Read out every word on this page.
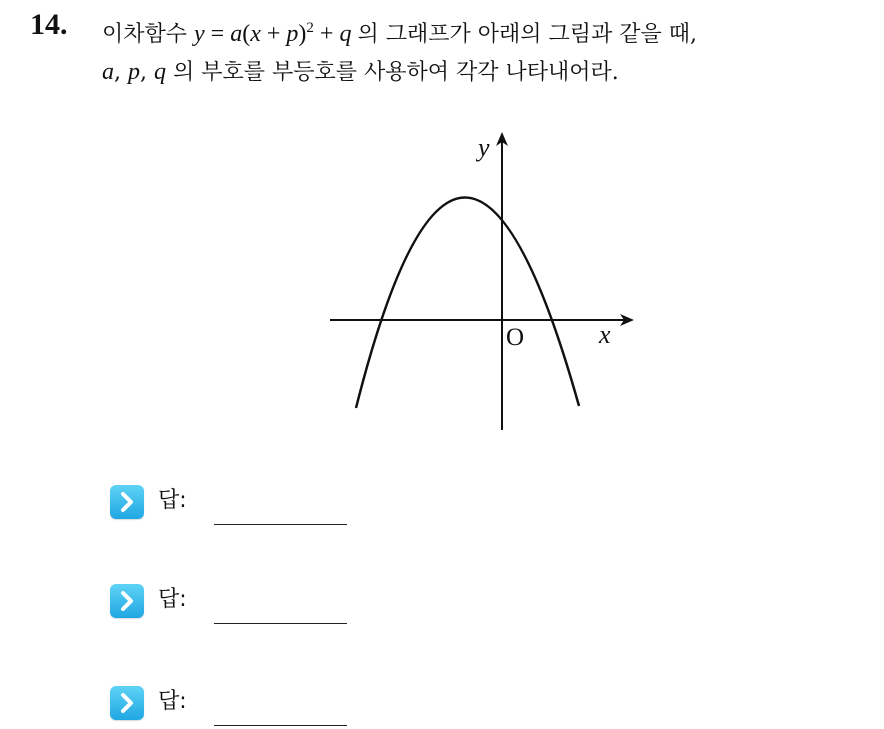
14. 이차함수 $y = a(x + p)^2 + q$ 의 그래프가 아래의 그림과 같을 때,
a, p, q 의 부호를 부등호를 사용하여 각각 나타내어라.
y
x
O
답:
답:
답:
